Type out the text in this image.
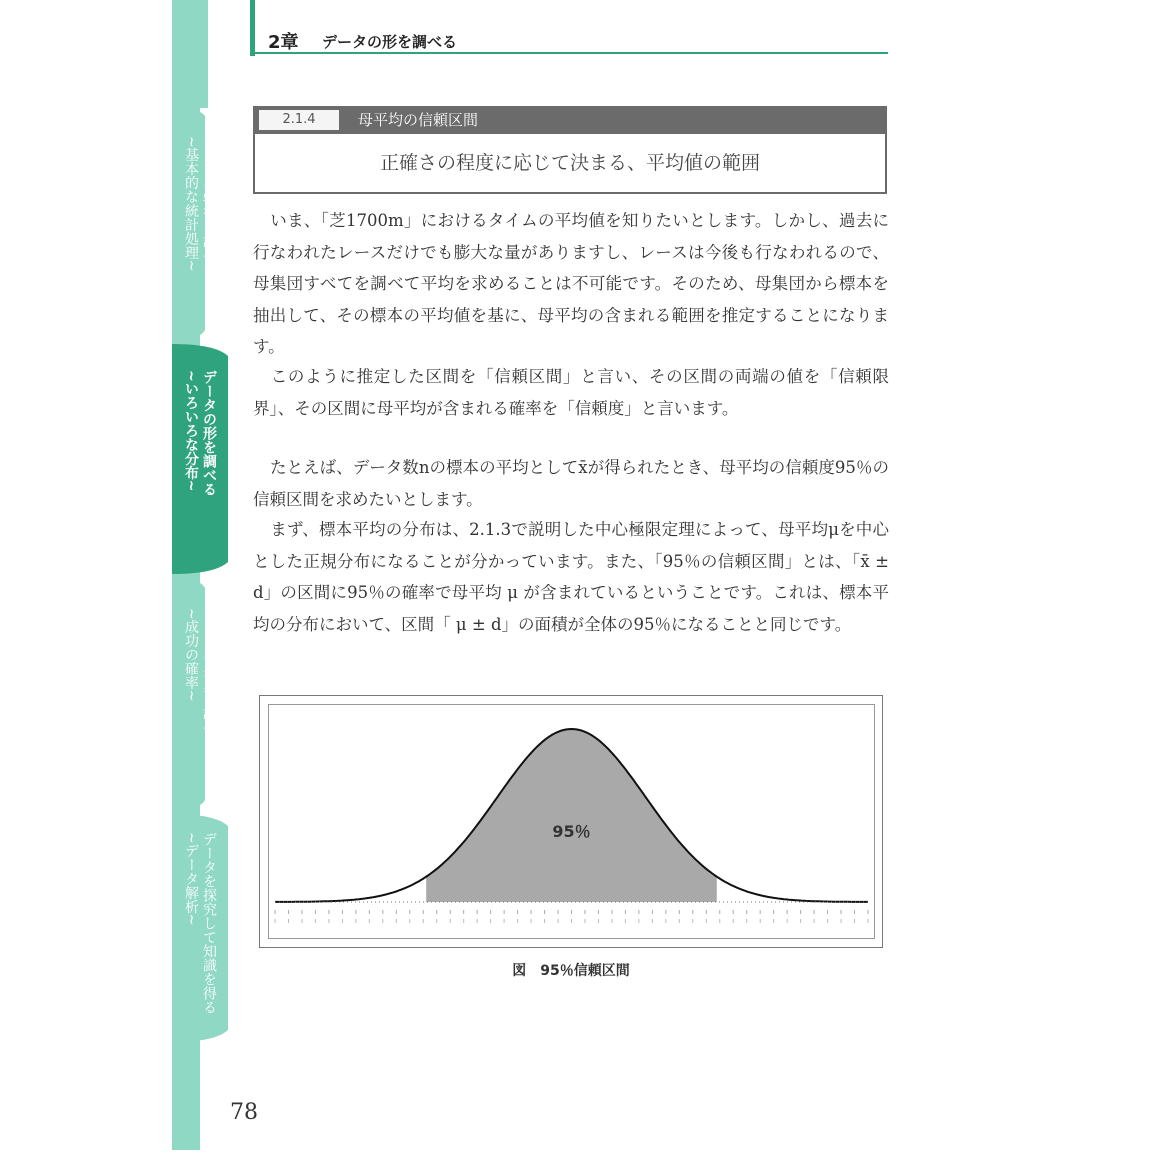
データの特徴を調べる
~基本的な統計処理~
データの形を調べる
~いろいろな分布~
データの差異を調べる
~成功の確率~
データを探究して知識を得る
~データ解析~
2章 データの形を調べる
2.1.4	母平均の信頼区間
正確さの程度に応じて決まる、平均値の範囲

いま、「芝1700m」におけるタイムの平均値を知りたいとします。しかし、過去に行なわれたレースだけでも膨大な量がありますし、レースは今後も行なわれるので、母集団すべてを調べて平均を求めることは不可能です。そのため、母集団から標本を抽出して、その標本の平均値を基に、母平均の含まれる範囲を推定することになります。

このように推定した区間を「信頼区間」と言い、その区間の両端の値を「信頼限界」、その区間に母平均が含まれる確率を「信頼度」と言います。

たとえば、データ数nの標本の平均としてx̄が得られたとき、母平均の信頼度95％の信頼区間を求めたいとします。

まず、標本平均の分布は、2.1.3で説明した中心極限定理によって、母平均μを中心とした正規分布になることが分かっています。また、「95％の信頼区間」とは、「x̄ ± d」の区間に95％の確率で母平均 μ が含まれているということです。これは、標本平均の分布において、区間「 μ ± d」の面積が全体の95％になることと同じです。

95％
図　95％信頼区間
78
